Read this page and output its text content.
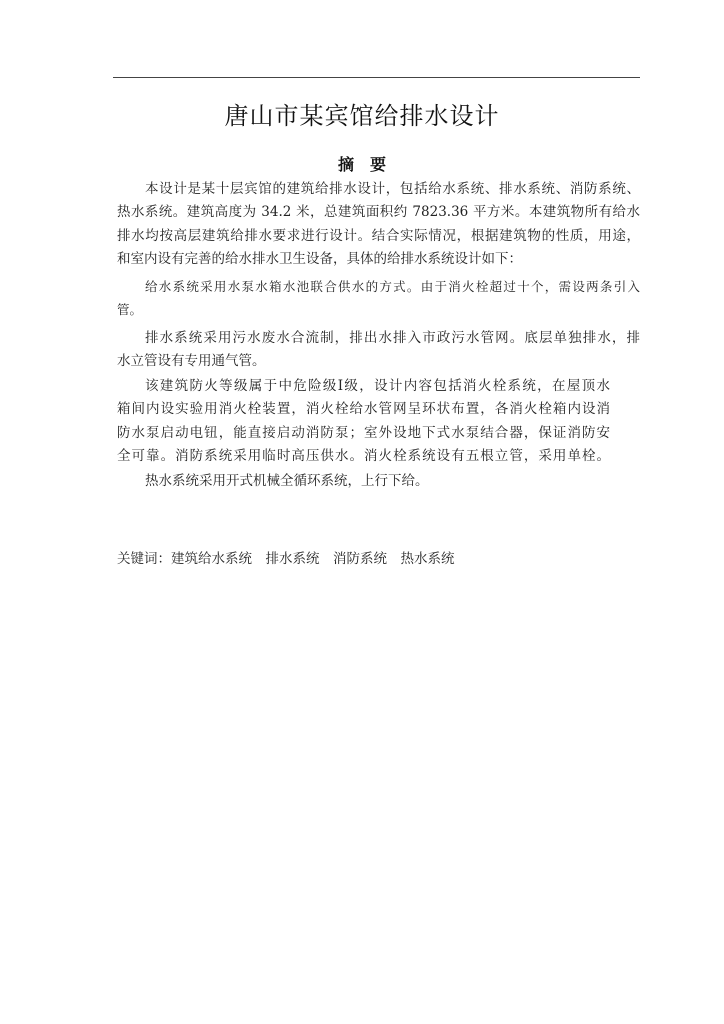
唐山市某宾馆给排水设计
摘　要
本设计是某十层宾馆的建筑给排水设计，包括给水系统、排水系统、消防系统、
热水系统。建筑高度为 34.2 米，总建筑面积约 7823.36 平方米。本建筑物所有给水
排水均按高层建筑给排水要求进行设计。结合实际情况，根据建筑物的性质，用途，
和室内设有完善的给水排水卫生设备，具体的给排水系统设计如下：
给水系统采用水泵水箱水池联合供水的方式。由于消火栓超过十个，需设两条引入
管。
排水系统采用污水废水合流制，排出水排入市政污水管网。底层单独排水，排
水立管设有专用通气管。
该建筑防火等级属于中危险级Ⅰ级，设计内容包括消火栓系统，在屋顶水
箱间内设实验用消火栓装置，消火栓给水管网呈环状布置，各消火栓箱内设消
防水泵启动电钮，能直接启动消防泵；室外设地下式水泵结合器，保证消防安
全可靠。消防系统采用临时高压供水。消火栓系统设有五根立管，采用单栓。
热水系统采用开式机械全循环系统，上行下给。
关键词：建筑给水系统　排水系统　消防系统　热水系统
